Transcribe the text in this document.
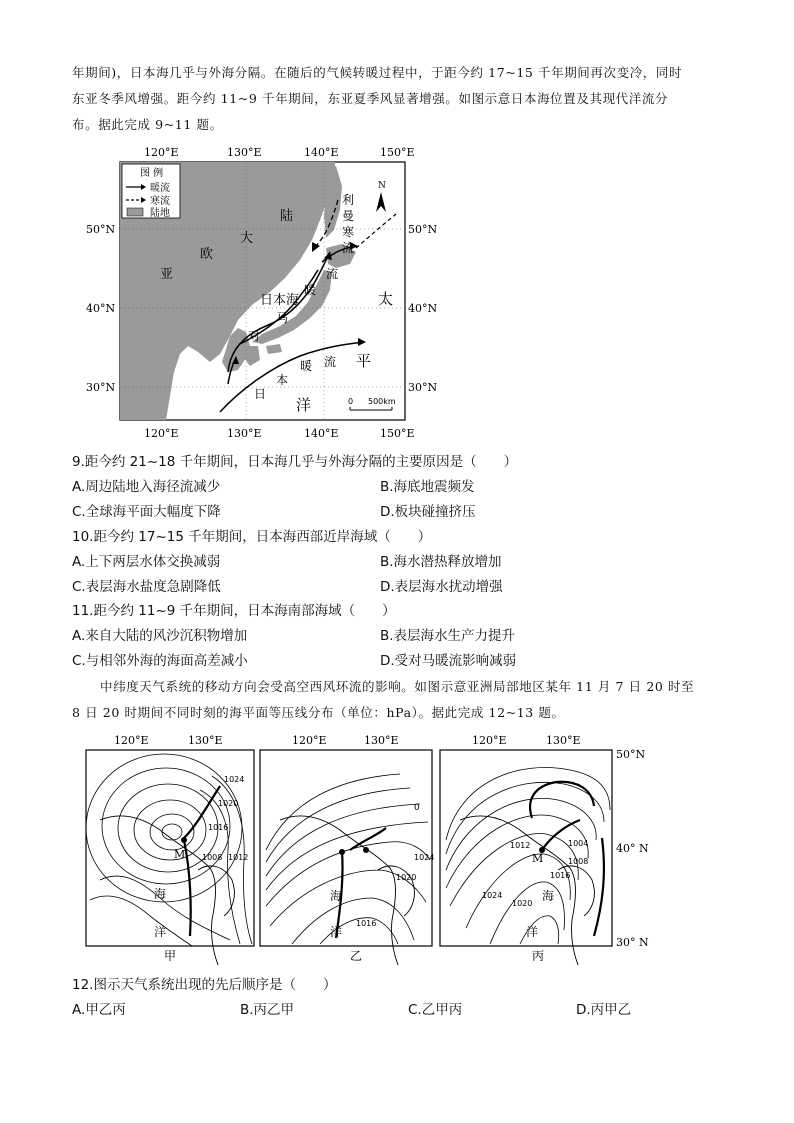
年期间)，日本海几乎与外海分隔。在随后的气候转暖过程中，于距今约 17~15 千年期间再次变冷，同时
东亚冬季风增强。距今约 11~9 千年期间，东亚夏季风显著增强。如图示意日本海位置及其现代洋流分
布。据此完成 9~11 题。
图 例
暖流
寒流
陆地
120°E	130°E	140°E	150°E
120°E	130°E	140°E	150°E
50°N
40°N
30°N
50°N
40°N
30°N
亚
欧
大
陆
日本海
对
马
暖
流
利
曼
寒
流
日
本
暖 流
太
平
洋
N
0 500km
9.距今约 21~18 千年期间，日本海几乎与外海分隔的主要原因是（　　）
A.周边陆地入海径流减少	B.海底地震频发
C.全球海平面大幅度下降	D.板块碰撞挤压
10.距今约 17~15 千年期间，日本海西部近岸海域（　　）
A.上下两层水体交换减弱	B.海水潜热释放增加
C.表层海水盐度急剧降低	D.表层海水扰动增强
11.距今约 11~9 千年期间，日本海南部海域（　　）
A.来自大陆的风沙沉积物增加	B.表层海水生产力提升
C.与相邻外海的海面高差减小	D.受对马暖流影响减弱
中纬度天气系统的移动方向会受高空西风环流的影响。如图示意亚洲局部地区某年 11 月 7 日 20 时至
8 日 20 时期间不同时刻的海平面等压线分布（单位：hPa）。据此完成 12~13 题。
M
1024
1020
1016
1012
1008
海
洋
甲
0
1024
1020
1016
海
洋
乙
M
1024
1020
1016
1012
1008
1004
海
洋
丙
120°E	130°E	120°E	130°E	120°E	130°E
50°N
40° N
30° N
12.图示天气系统出现的先后顺序是（　　）
A.甲乙丙	B.丙乙甲	C.乙甲丙	D.丙甲乙
